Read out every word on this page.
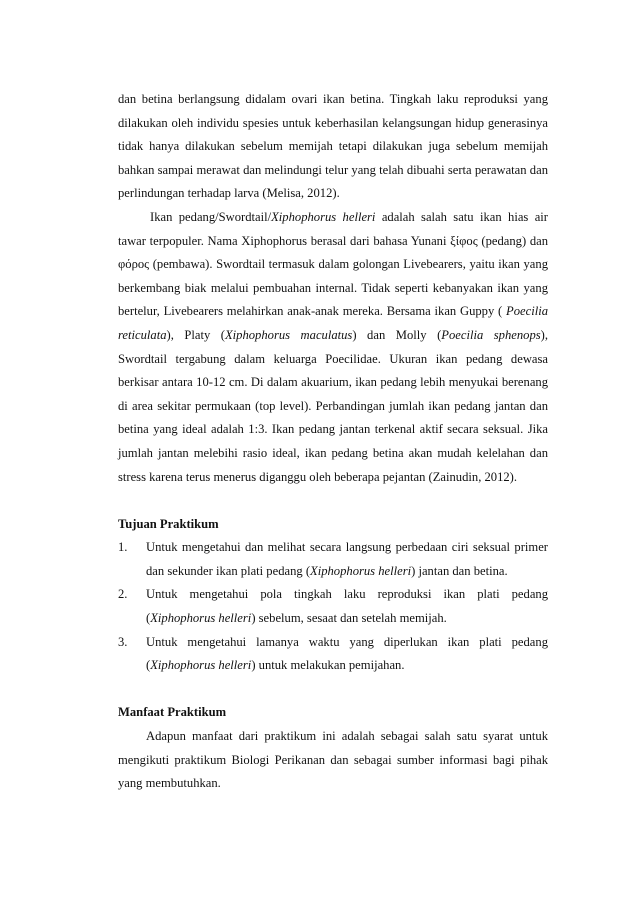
dan betina berlangsung didalam ovari ikan betina. Tingkah laku reproduksi yang dilakukan oleh individu spesies untuk keberhasilan kelangsungan hidup generasinya tidak hanya dilakukan sebelum memijah tetapi dilakukan juga sebelum memijah bahkan sampai merawat dan melindungi telur yang telah dibuahi serta perawatan dan perlindungan terhadap larva (Melisa, 2012).

Ikan pedang/Swordtail/Xiphophorus helleri adalah salah satu ikan hias air tawar terpopuler. Nama Xiphophorus berasal dari bahasa Yunani ξίφος (pedang) dan φόρος (pembawa). Swordtail termasuk dalam golongan Livebearers, yaitu ikan yang berkembang biak melalui pembuahan internal. Tidak seperti kebanyakan ikan yang bertelur, Livebearers melahirkan anak-anak mereka. Bersama ikan Guppy ( Poecilia reticulata), Platy (Xiphophorus maculatus) dan Molly (Poecilia sphenops), Swordtail tergabung dalam keluarga Poecilidae. Ukuran ikan pedang dewasa berkisar antara 10-12 cm. Di dalam akuarium, ikan pedang lebih menyukai berenang di area sekitar permukaan (top level). Perbandingan jumlah ikan pedang jantan dan betina yang ideal adalah 1:3. Ikan pedang jantan terkenal aktif secara seksual. Jika jumlah jantan melebihi rasio ideal, ikan pedang betina akan mudah kelelahan dan stress karena terus menerus diganggu oleh beberapa pejantan (Zainudin, 2012).

Tujuan Praktikum
1. Untuk mengetahui dan melihat secara langsung perbedaan ciri seksual primer dan sekunder ikan plati pedang (Xiphophorus helleri) jantan dan betina.
2. Untuk mengetahui pola tingkah laku reproduksi ikan plati pedang (Xiphophorus helleri) sebelum, sesaat dan setelah memijah.
3. Untuk mengetahui lamanya waktu yang diperlukan ikan plati pedang (Xiphophorus helleri) untuk melakukan pemijahan.
Manfaat Praktikum

Adapun manfaat dari praktikum ini adalah sebagai salah satu syarat untuk mengikuti praktikum Biologi Perikanan dan sebagai sumber informasi bagi pihak yang membutuhkan.
